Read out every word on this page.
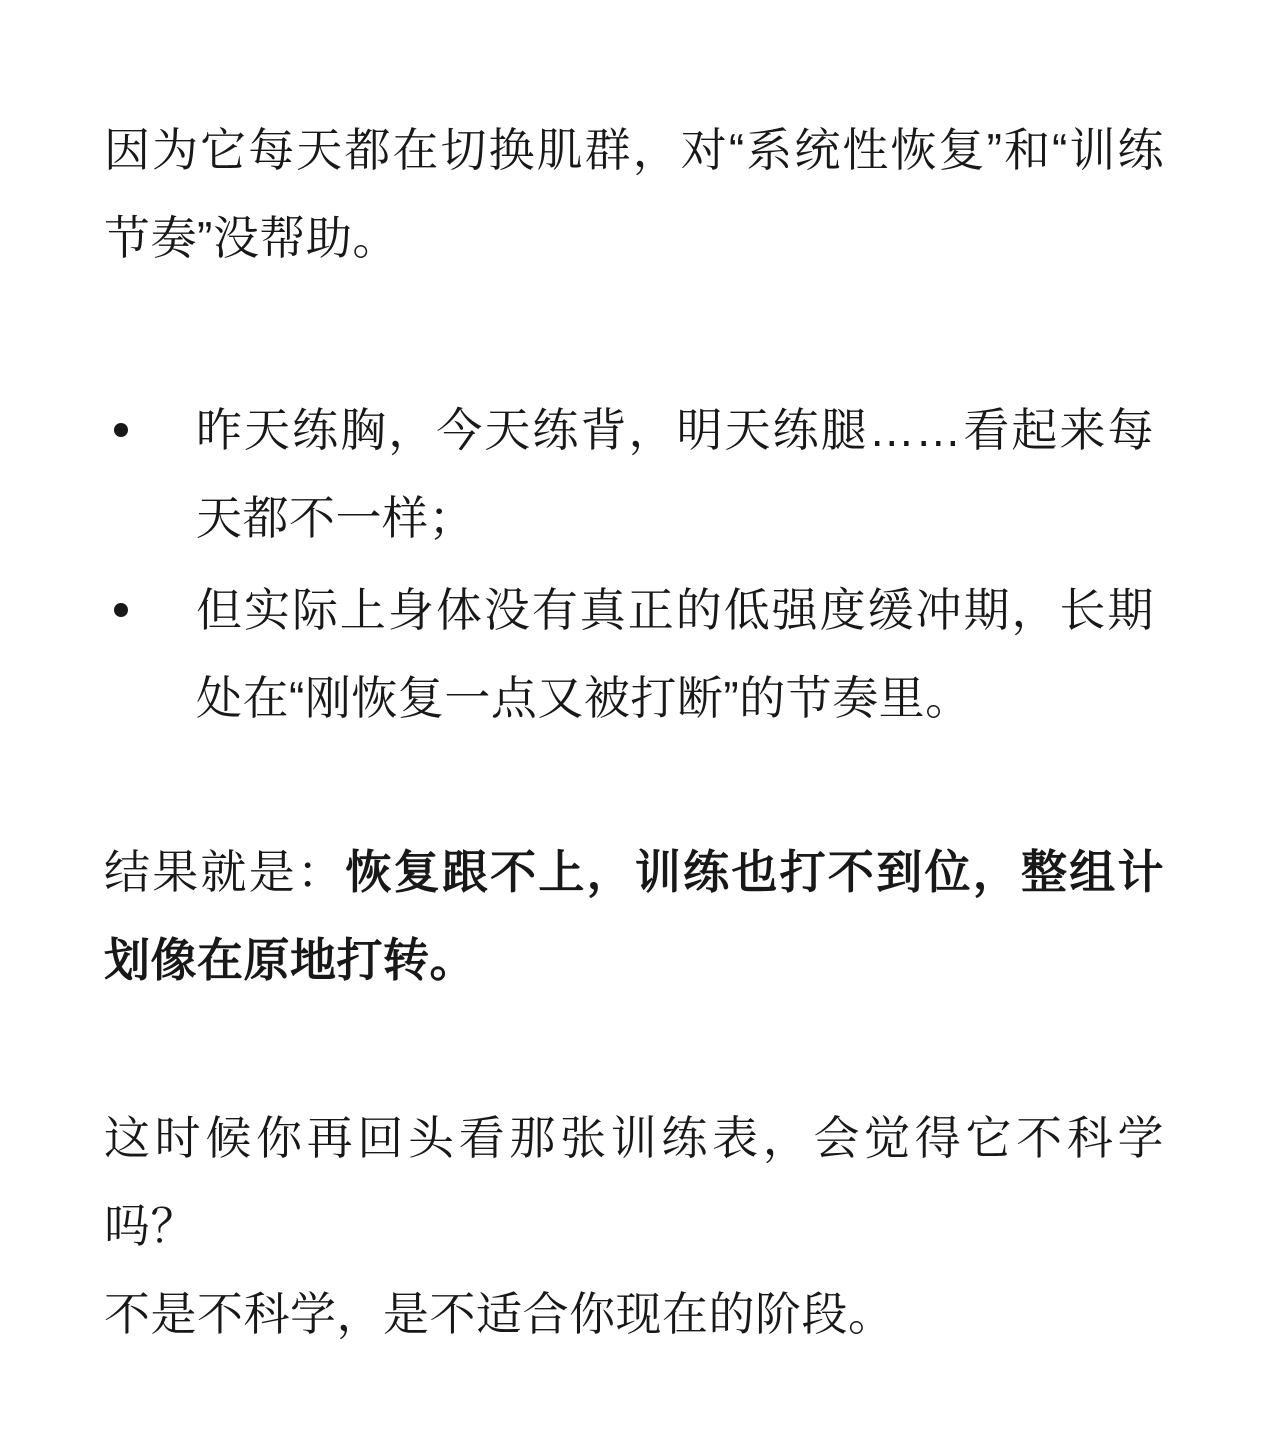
因为它每天都在切换肌群，对“系统性恢复”和“训练节奏”没帮助。

昨天练胸，今天练背，明天练腿……看起来每天都不一样；
但实际上身体没有真正的低强度缓冲期，长期处在“刚恢复一点又被打断”的节奏里。

结果就是：恢复跟不上，训练也打不到位，整组计划像在原地打转。

这时候你再回头看那张训练表，会觉得它不科学吗？

不是不科学，是不适合你现在的阶段。
